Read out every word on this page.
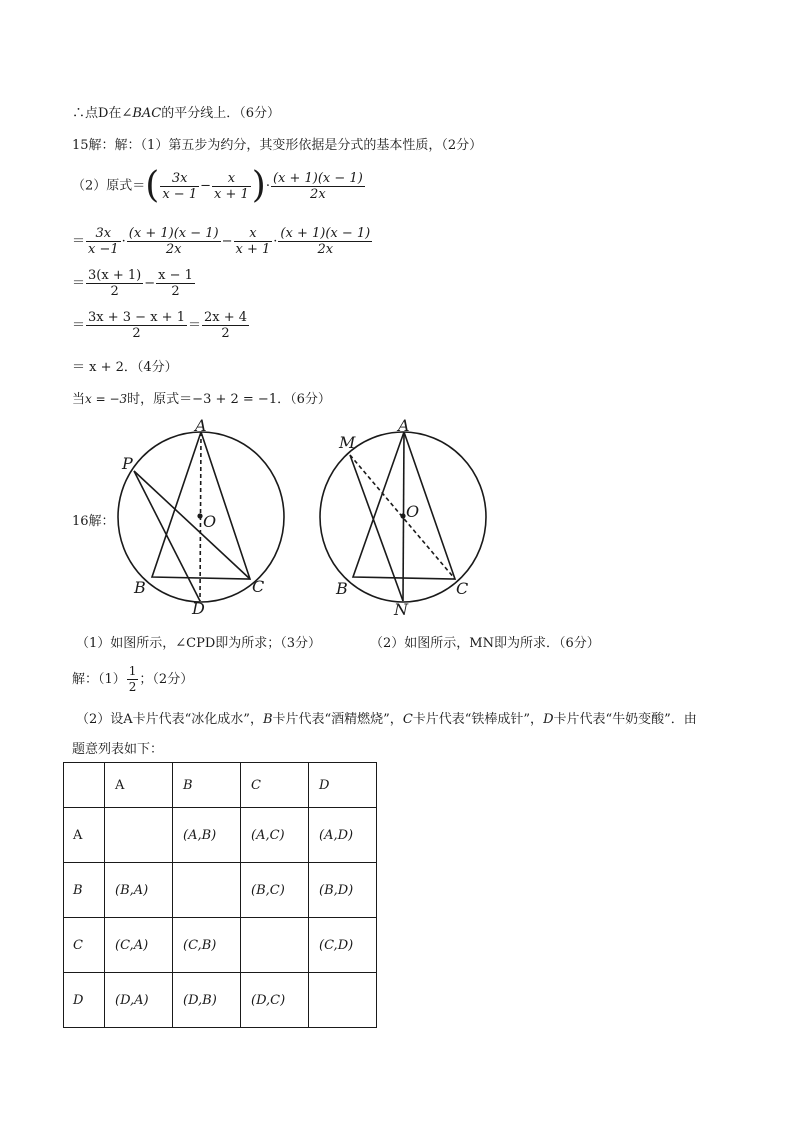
∴点D在∠BAC的平分线上．（6分）
15解：解：（1）第五步为约分，其变形依据是分式的基本性质，（2分）
（2）原式＝( $\frac{3x}{x - 1} - \frac{x}{x + 1}$ )· $\frac{(x + 1)(x - 1)}{2x}$
＝ $\frac{3x}{x -1} \cdot \frac{(x + 1)(x - 1)}{2x} - \frac{x}{x + 1} \cdot \frac{(x + 1)(x - 1)}{2x}$
＝ $\frac{3(x + 1)}{2} - \frac{x - 1}{2}$
＝ $\frac{3x + 3 - x + 1}{2} = \frac{2x + 4}{2}$
＝ x + 2．（4分）
当x = −3时，原式＝−3 + 2 = −1．（6分）
16解：
A
P
O
B	C
D
M
A
O
B	C
N
（1）如图所示，∠CPD即为所求；（3分）	（2）如图所示，MN即为所求．（6分）
解：$(1) \frac{1}{2}$ ；（2分）
（2）设A卡片代表“冰化成水”，B卡片代表“酒精燃烧”，C卡片代表“铁棒成针”，D卡片代表“牛奶变酸”．由
题意列表如下：
	A	B	C	D
A		(A,B)	(A,C)	(A,D)
B	(B,A)		(B,C)	(B,D)
C	(C,A)	(C,B)		(C,D)
D	(D,A)	(D,B)	(D,C)	
